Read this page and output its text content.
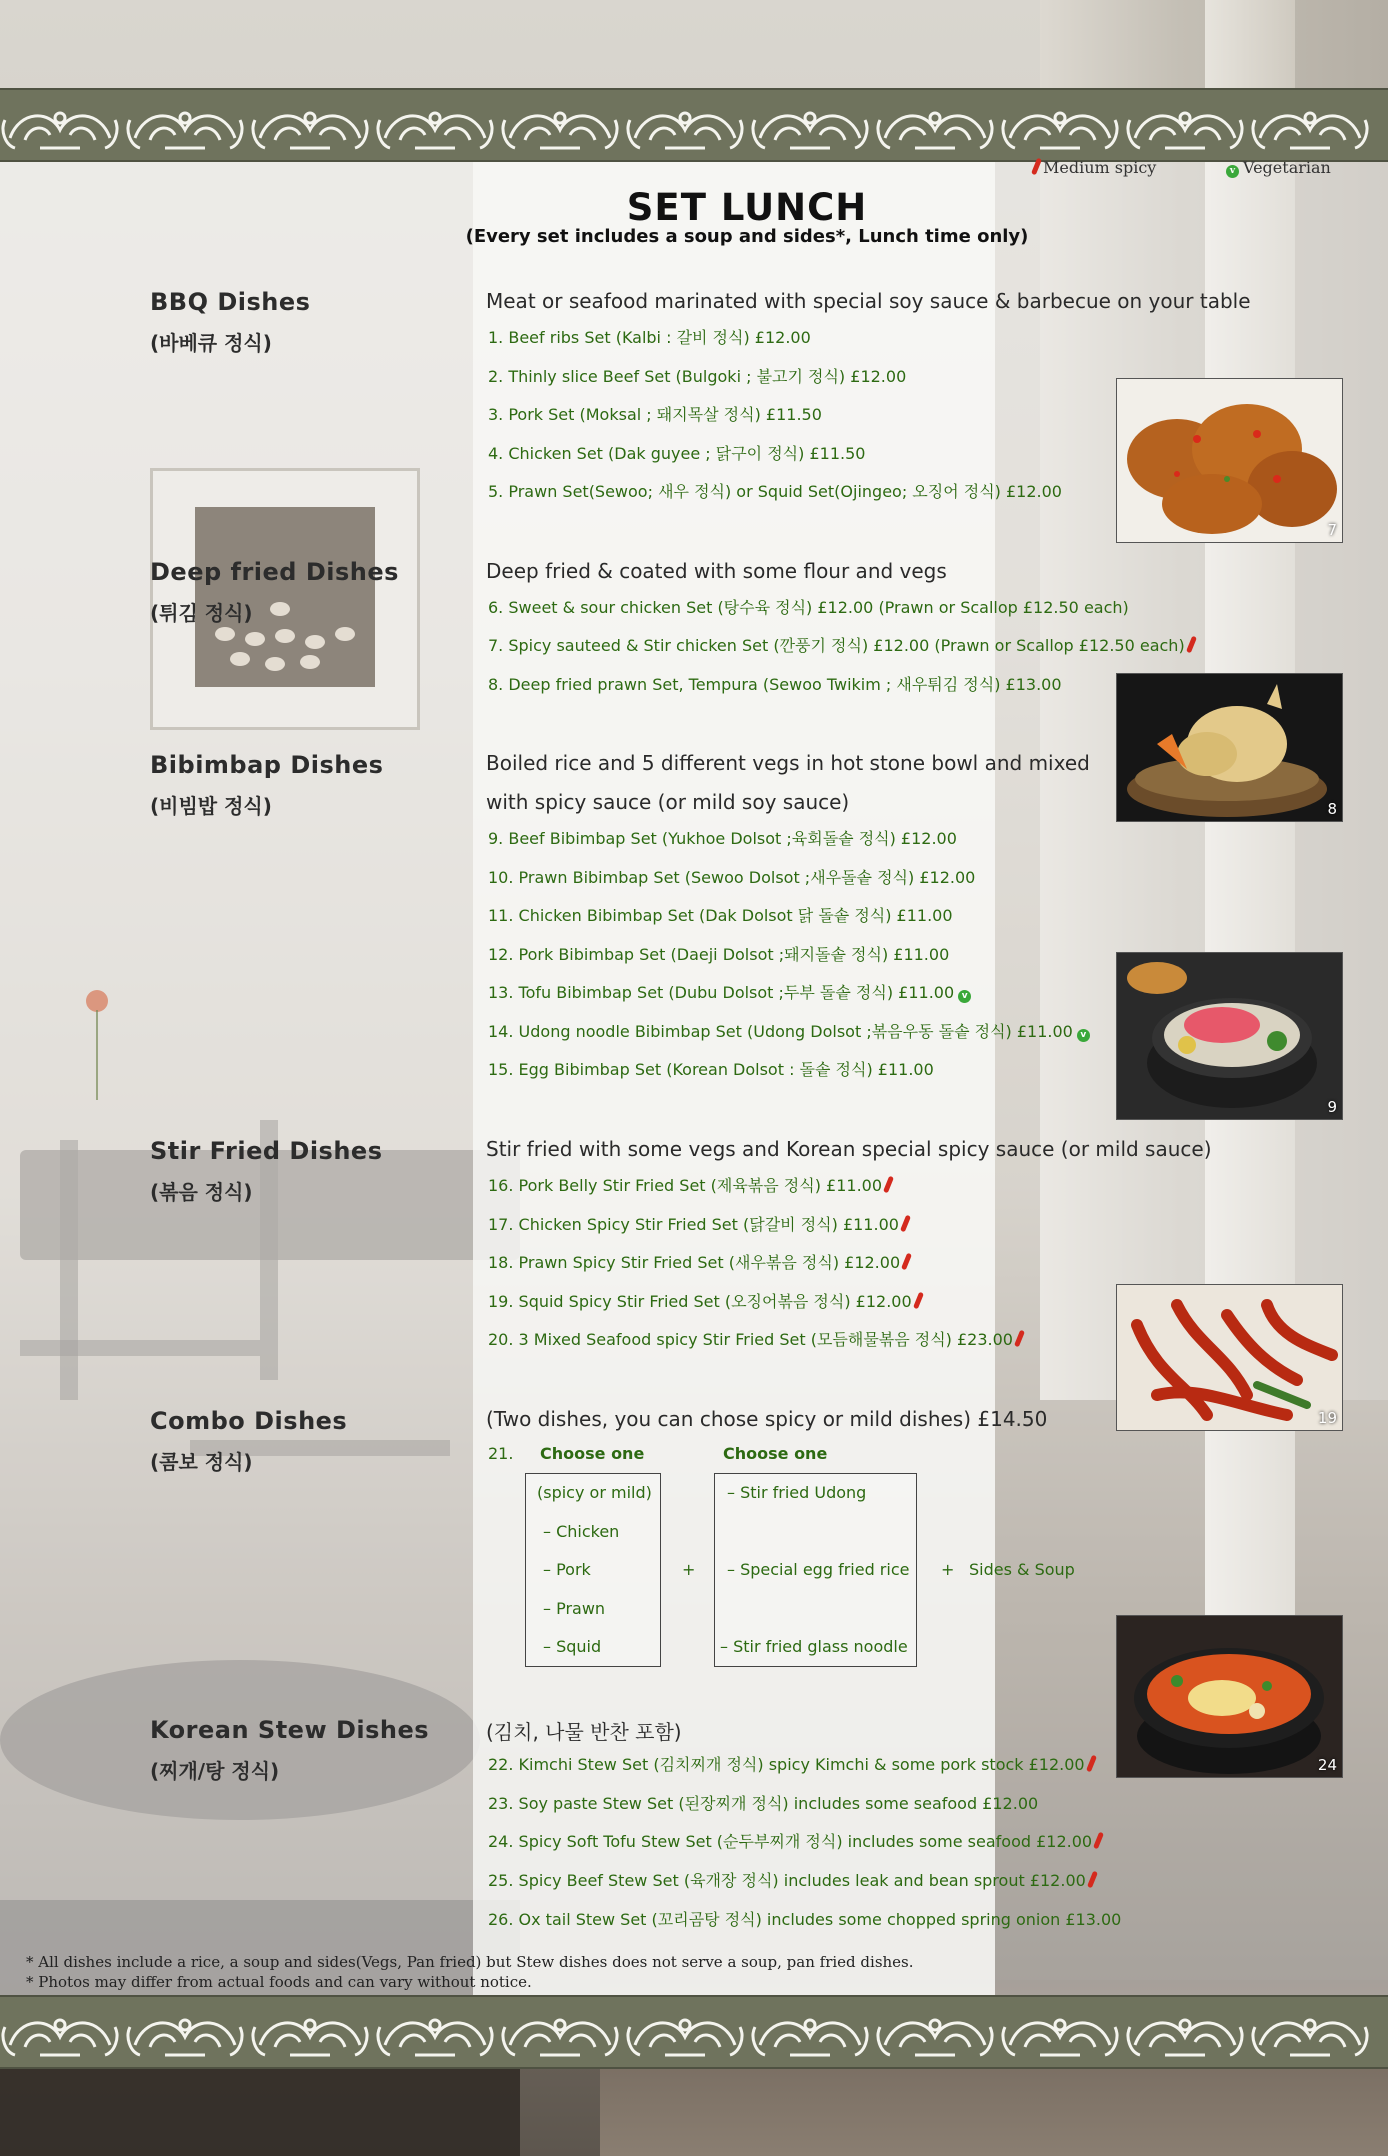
Medium spicy	v Vegetarian
SET LUNCH
(Every set includes a soup and sides*, Lunch time only)
BBQ Dishes
(바베큐 정식)
Meat or seafood marinated with special soy sauce & barbecue on your table
1. Beef ribs Set (Kalbi : 갈비 정식) £12.00
2. Thinly slice Beef Set (Bulgoki ; 불고기 정식) £12.00
3. Pork Set (Moksal ; 돼지목살 정식) £11.50
4. Chicken Set (Dak guyee ; 닭구이 정식) £11.50
5. Prawn Set(Sewoo; 새우 정식) or Squid Set(Ojingeo; 오징어 정식) £12.00
Deep fried Dishes
(튀김 정식)
Deep fried & coated with some flour and vegs
6. Sweet & sour chicken Set (탕수육 정식) £12.00 (Prawn or Scallop £12.50 each)
7. Spicy sauteed & Stir chicken Set (깐풍기 정식) £12.00 (Prawn or Scallop £12.50 each)
8. Deep fried prawn Set, Tempura (Sewoo Twikim ; 새우튀김 정식) £13.00
Bibimbap Dishes
(비빔밥 정식)
Boiled rice and 5 different vegs in hot stone bowl and mixed
with spicy sauce (or mild soy sauce)
9. Beef Bibimbap Set (Yukhoe Dolsot ;육회돌솥 정식) £12.00
10. Prawn Bibimbap Set (Sewoo Dolsot ;새우돌솥 정식) £12.00
11. Chicken Bibimbap Set (Dak Dolsot 닭 돌솥 정식) £11.00
12. Pork Bibimbap Set (Daeji Dolsot ;돼지돌솥 정식) £11.00
13. Tofu Bibimbap Set (Dubu Dolsot ;두부 돌솥 정식) £11.00 v
14. Udong noodle Bibimbap Set (Udong Dolsot ;볶음우동 돌솥 정식) £11.00 v
15. Egg Bibimbap Set (Korean Dolsot : 돌솥 정식) £11.00
Stir Fried Dishes
(볶음 정식)
Stir fried with some vegs and Korean special spicy sauce (or mild sauce)
16. Pork Belly Stir Fried Set (제육볶음 정식) £11.00
17. Chicken Spicy Stir Fried Set (닭갈비 정식) £11.00
18. Prawn Spicy Stir Fried Set (새우볶음 정식) £12.00
19. Squid Spicy Stir Fried Set (오징어볶음 정식) £12.00
20. 3 Mixed Seafood spicy Stir Fried Set (모듬해물볶음 정식) £23.00
Combo Dishes
(콤보 정식)
(Two dishes, you can chose spicy or mild dishes) £14.50
21. Choose one	Choose one
(spicy or mild)
– Chicken
– Pork
– Prawn
– Squid
+
– Stir fried Udong
– Special egg fried rice
– Stir fried glass noodle
+ Sides & Soup
Korean Stew Dishes
(찌개/탕 정식)
(김치, 나물 반찬 포함)
22. Kimchi Stew Set (김치찌개 정식) spicy Kimchi & some pork stock £12.00
23. Soy paste Stew Set (된장찌개 정식) includes some seafood £12.00
24. Spicy Soft Tofu Stew Set (순두부찌개 정식) includes some seafood £12.00
25. Spicy Beef Stew Set (육개장 정식) includes leak and bean sprout £12.00
26. Ox tail Stew Set (꼬리곰탕 정식) includes some chopped spring onion £13.00
7
8
9
19
24
* All dishes include a rice, a soup and sides(Vegs, Pan fried) but Stew dishes does not serve a soup, pan fried dishes.
* Photos may differ from actual foods and can vary without notice.
